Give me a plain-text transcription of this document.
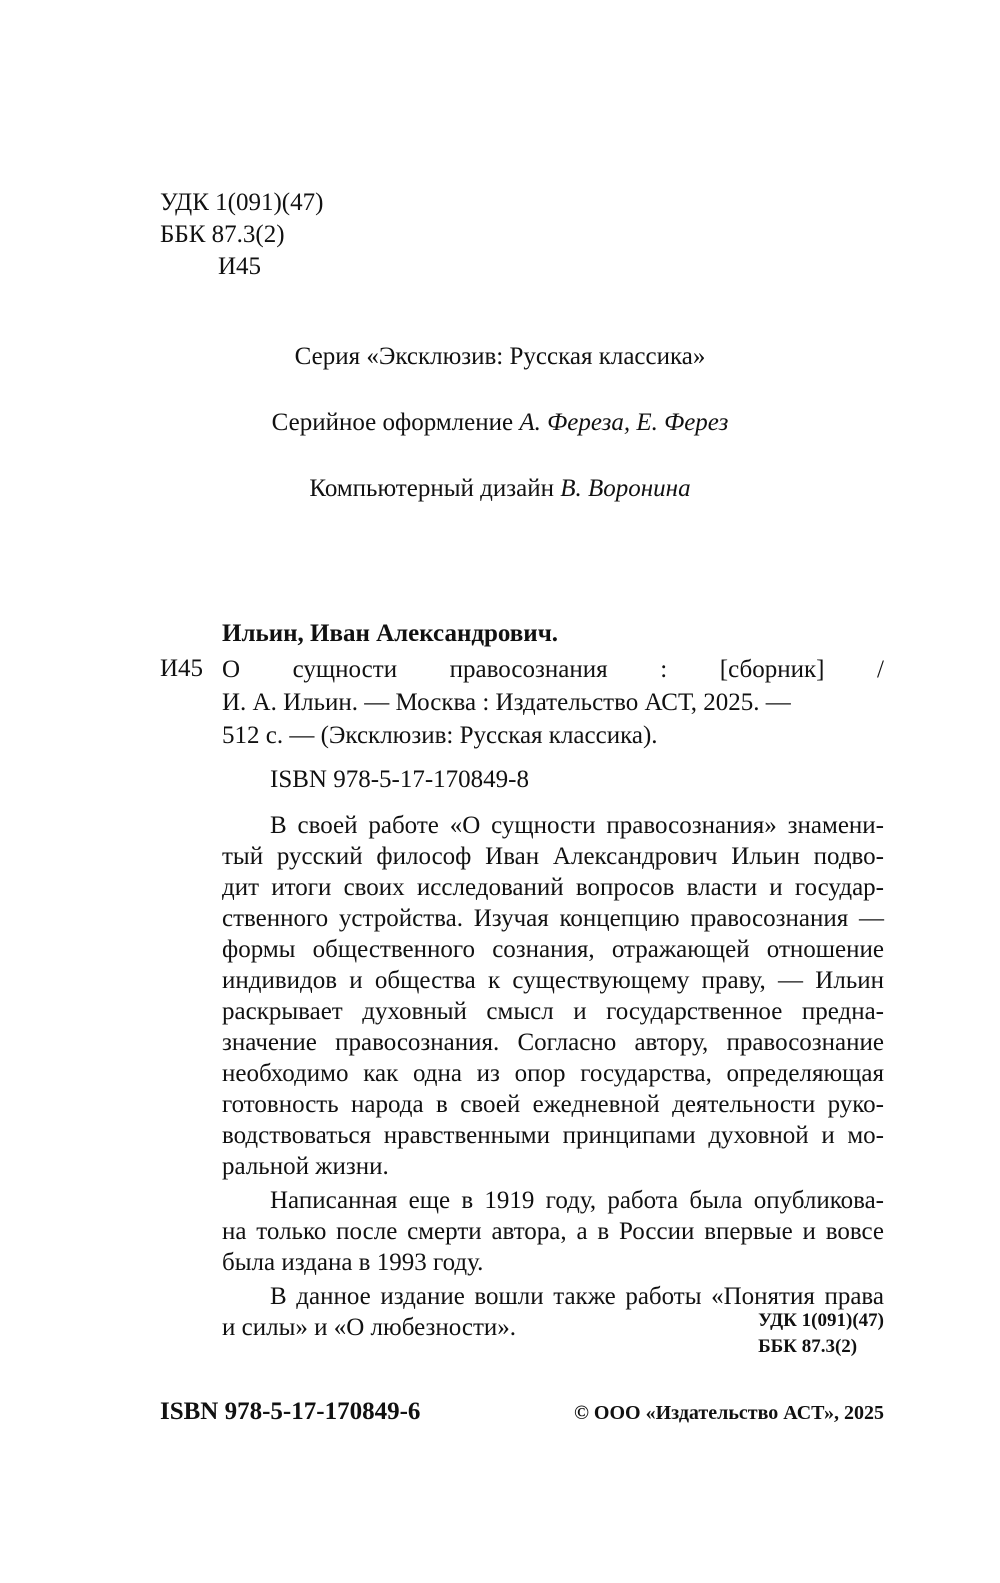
УДК 1(091)(47)
ББК 87.3(2)
И45
Серия «Эксклюзив: Русская классика»
Серийное оформление А. Фереза, Е. Ферез
Компьютерный дизайн В. Воронина
Ильин, Иван Александрович.
И45 О сущности правосознания : [сборник] /
И. А. Ильин. — Москва : Издательство АСТ, 2025. —
512 с. — (Эксклюзив: Русская классика).
ISBN 978-5-17-170849-8
В своей работе «О сущности правосознания» знамени-
тый русский философ Иван Александрович Ильин подво-
дит итоги своих исследований вопросов власти и государ-
ственного устройства. Изучая концепцию правосознания —
формы общественного сознания, отражающей отношение
индивидов и общества к существующему праву, — Ильин
раскрывает духовный смысл и государственное предна-
значение правосознания. Согласно автору, правосознание
необходимо как одна из опор государства, определяющая
готовность народа в своей ежедневной деятельности руко-
водствоваться нравственными принципами духовной и мо-
ральной жизни.
Написанная еще в 1919 году, работа была опубликова-
на только после смерти автора, а в России впервые и вовсе
была издана в 1993 году.
В данное издание вошли также работы «Понятия права
и силы» и «О любезности».	УДК 1(091)(47)
ББК 87.3(2)
ISBN 978-5-17-170849-6	© ООО «Издательство АСТ», 2025
